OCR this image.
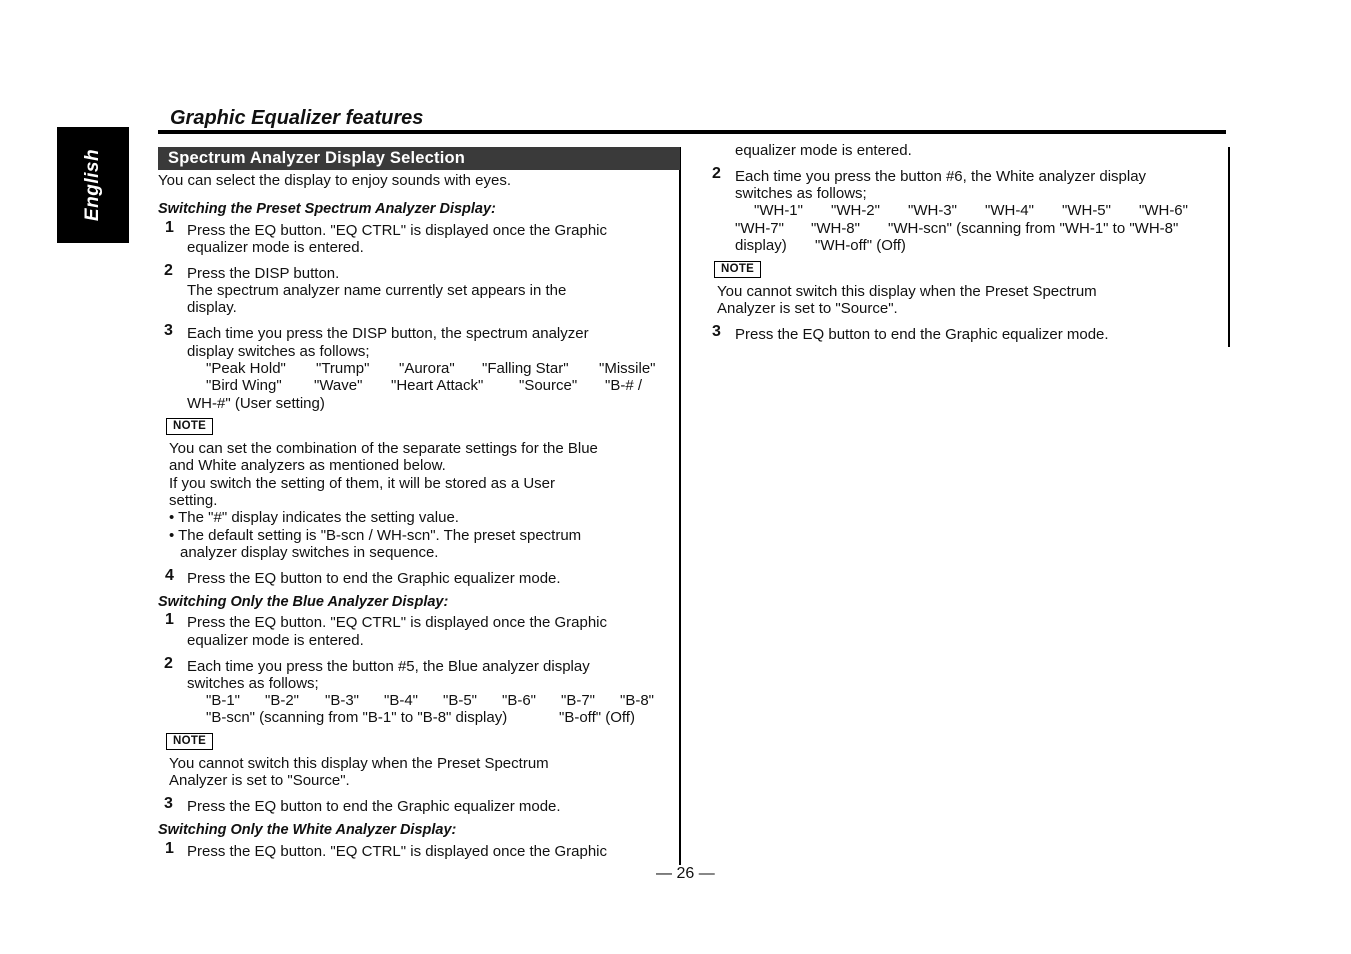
English
Graphic Equalizer features
Spectrum Analyzer Display Selection
You can select the display to enjoy sounds with eyes.
Switching the Preset Spectrum Analyzer Display:
1 Press the EQ button. "EQ CTRL" is displayed once the Graphic
equalizer mode is entered.
2 Press the DISP button.
The spectrum analyzer name currently set appears in the
display.
3 Each time you press the DISP button, the spectrum analyzer
display switches as follows;
"Peak Hold" "Trump" "Aurora" "Falling Star" "Missile"
"Bird Wing" "Wave" "Heart Attack" "Source" "B-# /
WH-#" (User setting)
NOTE
You can set the combination of the separate settings for the Blue
and White analyzers as mentioned below.
If you switch the setting of them, it will be stored as a User
setting.
• The "#" display indicates the setting value.
• The default setting is "B-scn / WH-scn". The preset spectrum
analyzer display switches in sequence.
4 Press the EQ button to end the Graphic equalizer mode.
Switching Only the Blue Analyzer Display:
1 Press the EQ button. "EQ CTRL" is displayed once the Graphic
equalizer mode is entered.
2 Each time you press the button #5, the Blue analyzer display
switches as follows;
"B-1" "B-2" "B-3" "B-4" "B-5" "B-6" "B-7" "B-8"
"B-scn" (scanning from "B-1" to "B-8" display)	"B-off" (Off)
NOTE
You cannot switch this display when the Preset Spectrum
Analyzer is set to "Source".
3 Press the EQ button to end the Graphic equalizer mode.
Switching Only the White Analyzer Display:
1 Press the EQ button. "EQ CTRL" is displayed once the Graphic
equalizer mode is entered.
2 Each time you press the button #6, the White analyzer display
switches as follows;
"WH-1" "WH-2" "WH-3" "WH-4" "WH-5" "WH-6"
"WH-7" "WH-8" "WH-scn" (scanning from "WH-1" to "WH-8"
display) "WH-off" (Off)
NOTE
You cannot switch this display when the Preset Spectrum
Analyzer is set to "Source".
3 Press the EQ button to end the Graphic equalizer mode.
— 26 —
